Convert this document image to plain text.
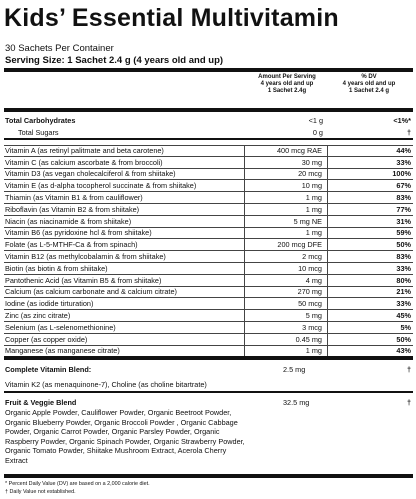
Kids’ Essential Multivitamin
30 Sachets Per Container
Serving Size: 1 Sachet 2.4 g (4 years old and up)
Amount Per Serving
4 years old and up
1 Sachet 2.4g
% DV
4 years old and up
1 Sachet 2.4 g
Total Carbohydrates	<1 g	<1%*
Total Sugars	0 g	†
Vitamin A (as retinyl palitmate and beta carotene)	400 mcg RAE	44%
Vitamin C (as calcium ascorbate & from broccoli)	30 mg	33%
Vitamin D3 (as vegan cholecalciferol & from shiitake)	20 mcg	100%
Vitamin E (as d-alpha tocopherol succinate & from shiitake)	10 mg	67%
Thiamin (as Vitamin B1 & from cauliflower)	1 mg	83%
Riboflavin (as Vitamin B2 & from shiitake)	1 mg	77%
Niacin (as niacinamide & from shiitake)	5 mg NE	31%
Vitamin B6 (as pyridoxine hcl & from shiitake)	1 mg	59%
Folate (as L-5-MTHF-Ca & from spinach)	200 mcg DFE	50%
Vitamin B12 (as methylcobalamin & from shiitake)	2 mcg	83%
Biotin (as biotin & from shiitake)	10 mcg	33%
Pantothenic Acid (as Vitamin B5 & from shiitake)	4 mg	80%
Calcium (as calcium carbonate and & calcium citrate)	270 mg	21%
Iodine (as iodide tirturation)	50 mcg	33%
Zinc (as zinc citrate)	5 mg	45%
Selenium (as L-selenomethionine)	3 mcg	5%
Copper (as copper oxide)	0.45 mg	50%
Manganese (as manganese citrate)	1 mg	43%
Complete Vitamin Blend:	2.5 mg	†
Vitamin K2 (as menaquinone-7), Choline (as choline bitartrate)
Fruit & Veggie Blend	32.5 mg	†
Organic Apple Powder, Cauliflower Powder, Organic Beetroot Powder, Organic Blueberry Powder, Organic Broccoli Powder , Organic Cabbage Powder, Organic Carrot Powder, Organic Parsley Powder, Organic Raspberry Powder, Organic Spinach Powder, Organic Strawberry Powder, Organic Tomato Powder, Shiitake Mushroom Extract, Acerola Cherry Extract
* Percent Daily Value (DV) are based on a 2,000 calorie diet.
† Daily Value not established.
